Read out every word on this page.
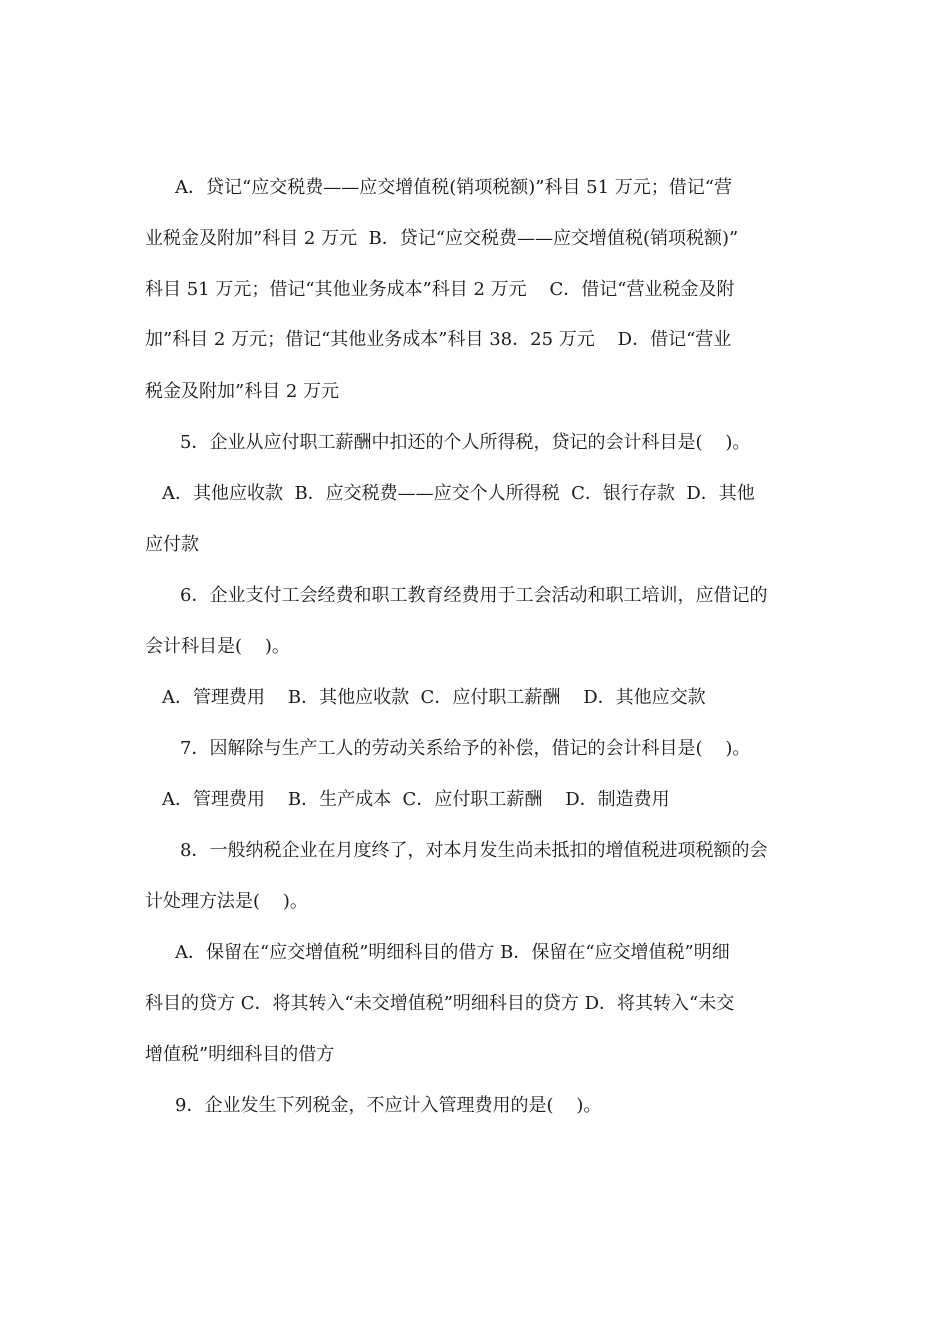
A．贷记“应交税费——应交增值税(销项税额)”科目 51 万元；借记“营
业税金及附加”科目 2 万元  B．贷记“应交税费——应交增值税(销项税额)”
科目 51 万元；借记“其他业务成本”科目 2 万元    C．借记“营业税金及附
加”科目 2 万元；借记“其他业务成本”科目 38．25 万元    D．借记“营业
税金及附加”科目 2 万元
5．企业从应付职工薪酬中扣还的个人所得税，贷记的会计科目是(    )。
A．其他应收款  B．应交税费——应交个人所得税  C．银行存款  D．其他
应付款
6．企业支付工会经费和职工教育经费用于工会活动和职工培训，应借记的
会计科目是(    )。
A．管理费用    B．其他应收款  C．应付职工薪酬    D．其他应交款
7．因解除与生产工人的劳动关系给予的补偿，借记的会计科目是(    )。
A．管理费用    B．生产成本  C．应付职工薪酬    D．制造费用
8．一般纳税企业在月度终了，对本月发生尚未抵扣的增值税进项税额的会
计处理方法是(    )。
A．保留在“应交增值税”明细科目的借方 B．保留在“应交增值税”明细
科目的贷方 C．将其转入“未交增值税”明细科目的贷方 D．将其转入“未交
增值税”明细科目的借方
9．企业发生下列税金，不应计入管理费用的是(    )。
